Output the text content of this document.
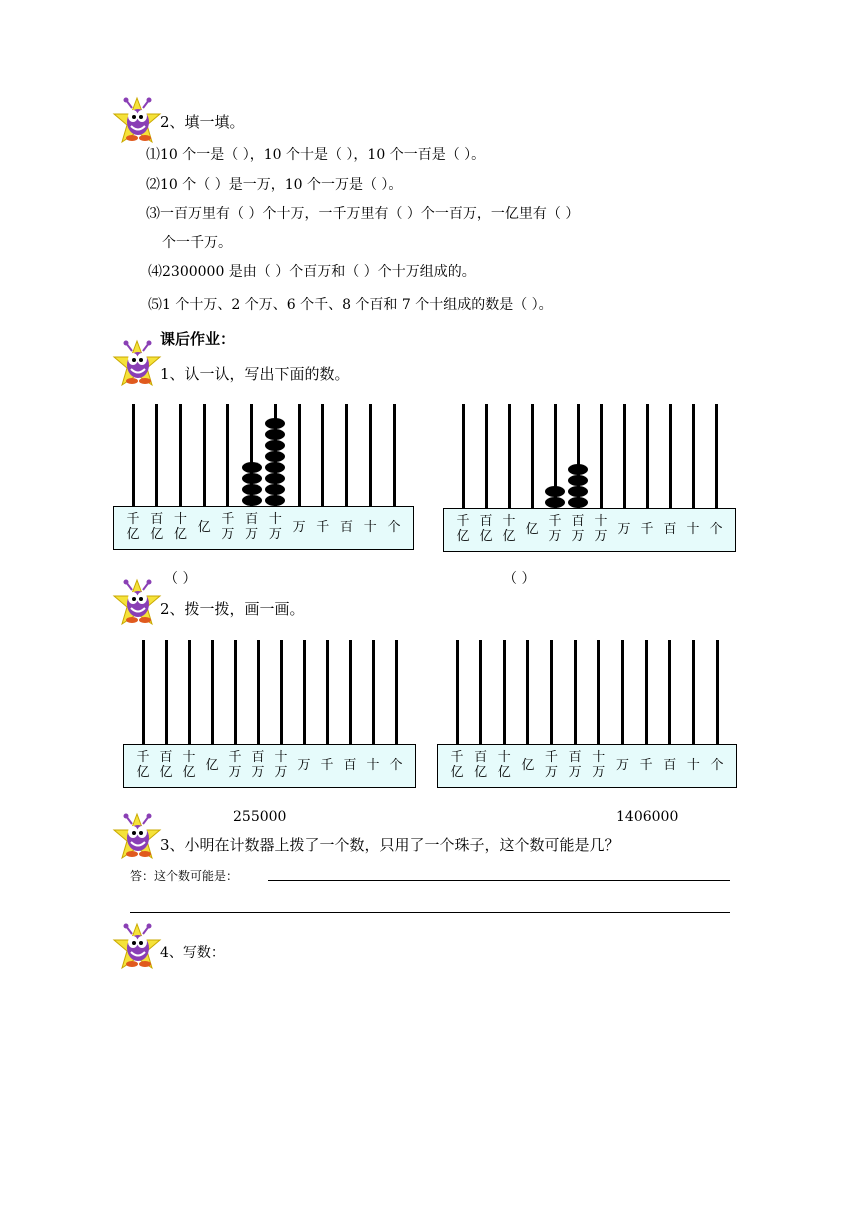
2、填一填。
⑴10 个一是（ ），10 个十是（ ），10 个一百是（ ）。
⑵10 个（ ）是一万，10 个一万是（ ）。
⑶一百万里有（ ）个十万，一千万里有（ ）个一百万，一亿里有（ ）
个一千万。
⑷2300000 是由（ ）个百万和（ ）个十万组成的。
⑸1 个十万、2 个万、6 个千、8 个百和 7 个十组成的数是（ ）。
课后作业：
1、认一认，写出下面的数。
千
亿
百
亿
十
亿 亿
千
万
百
万
十
万 万 千 百 十 个	千
亿
百
亿
十
亿 亿
千
万
百
万
十
万 万 千 百 十 个
（ ）	（ ）
2、拨一拨，画一画。
千
亿
百
亿
十
亿 亿
千
万
百
万
十
万 万 千 百 十 个
千
亿
百
亿
十
亿 亿
千
万
百
万
十
万 万 千 百 十 个
255000	1406000
3、小明在计数器上拨了一个数，只用了一个珠子，这个数可能是几？
答：这个数可能是：
4、写数：
